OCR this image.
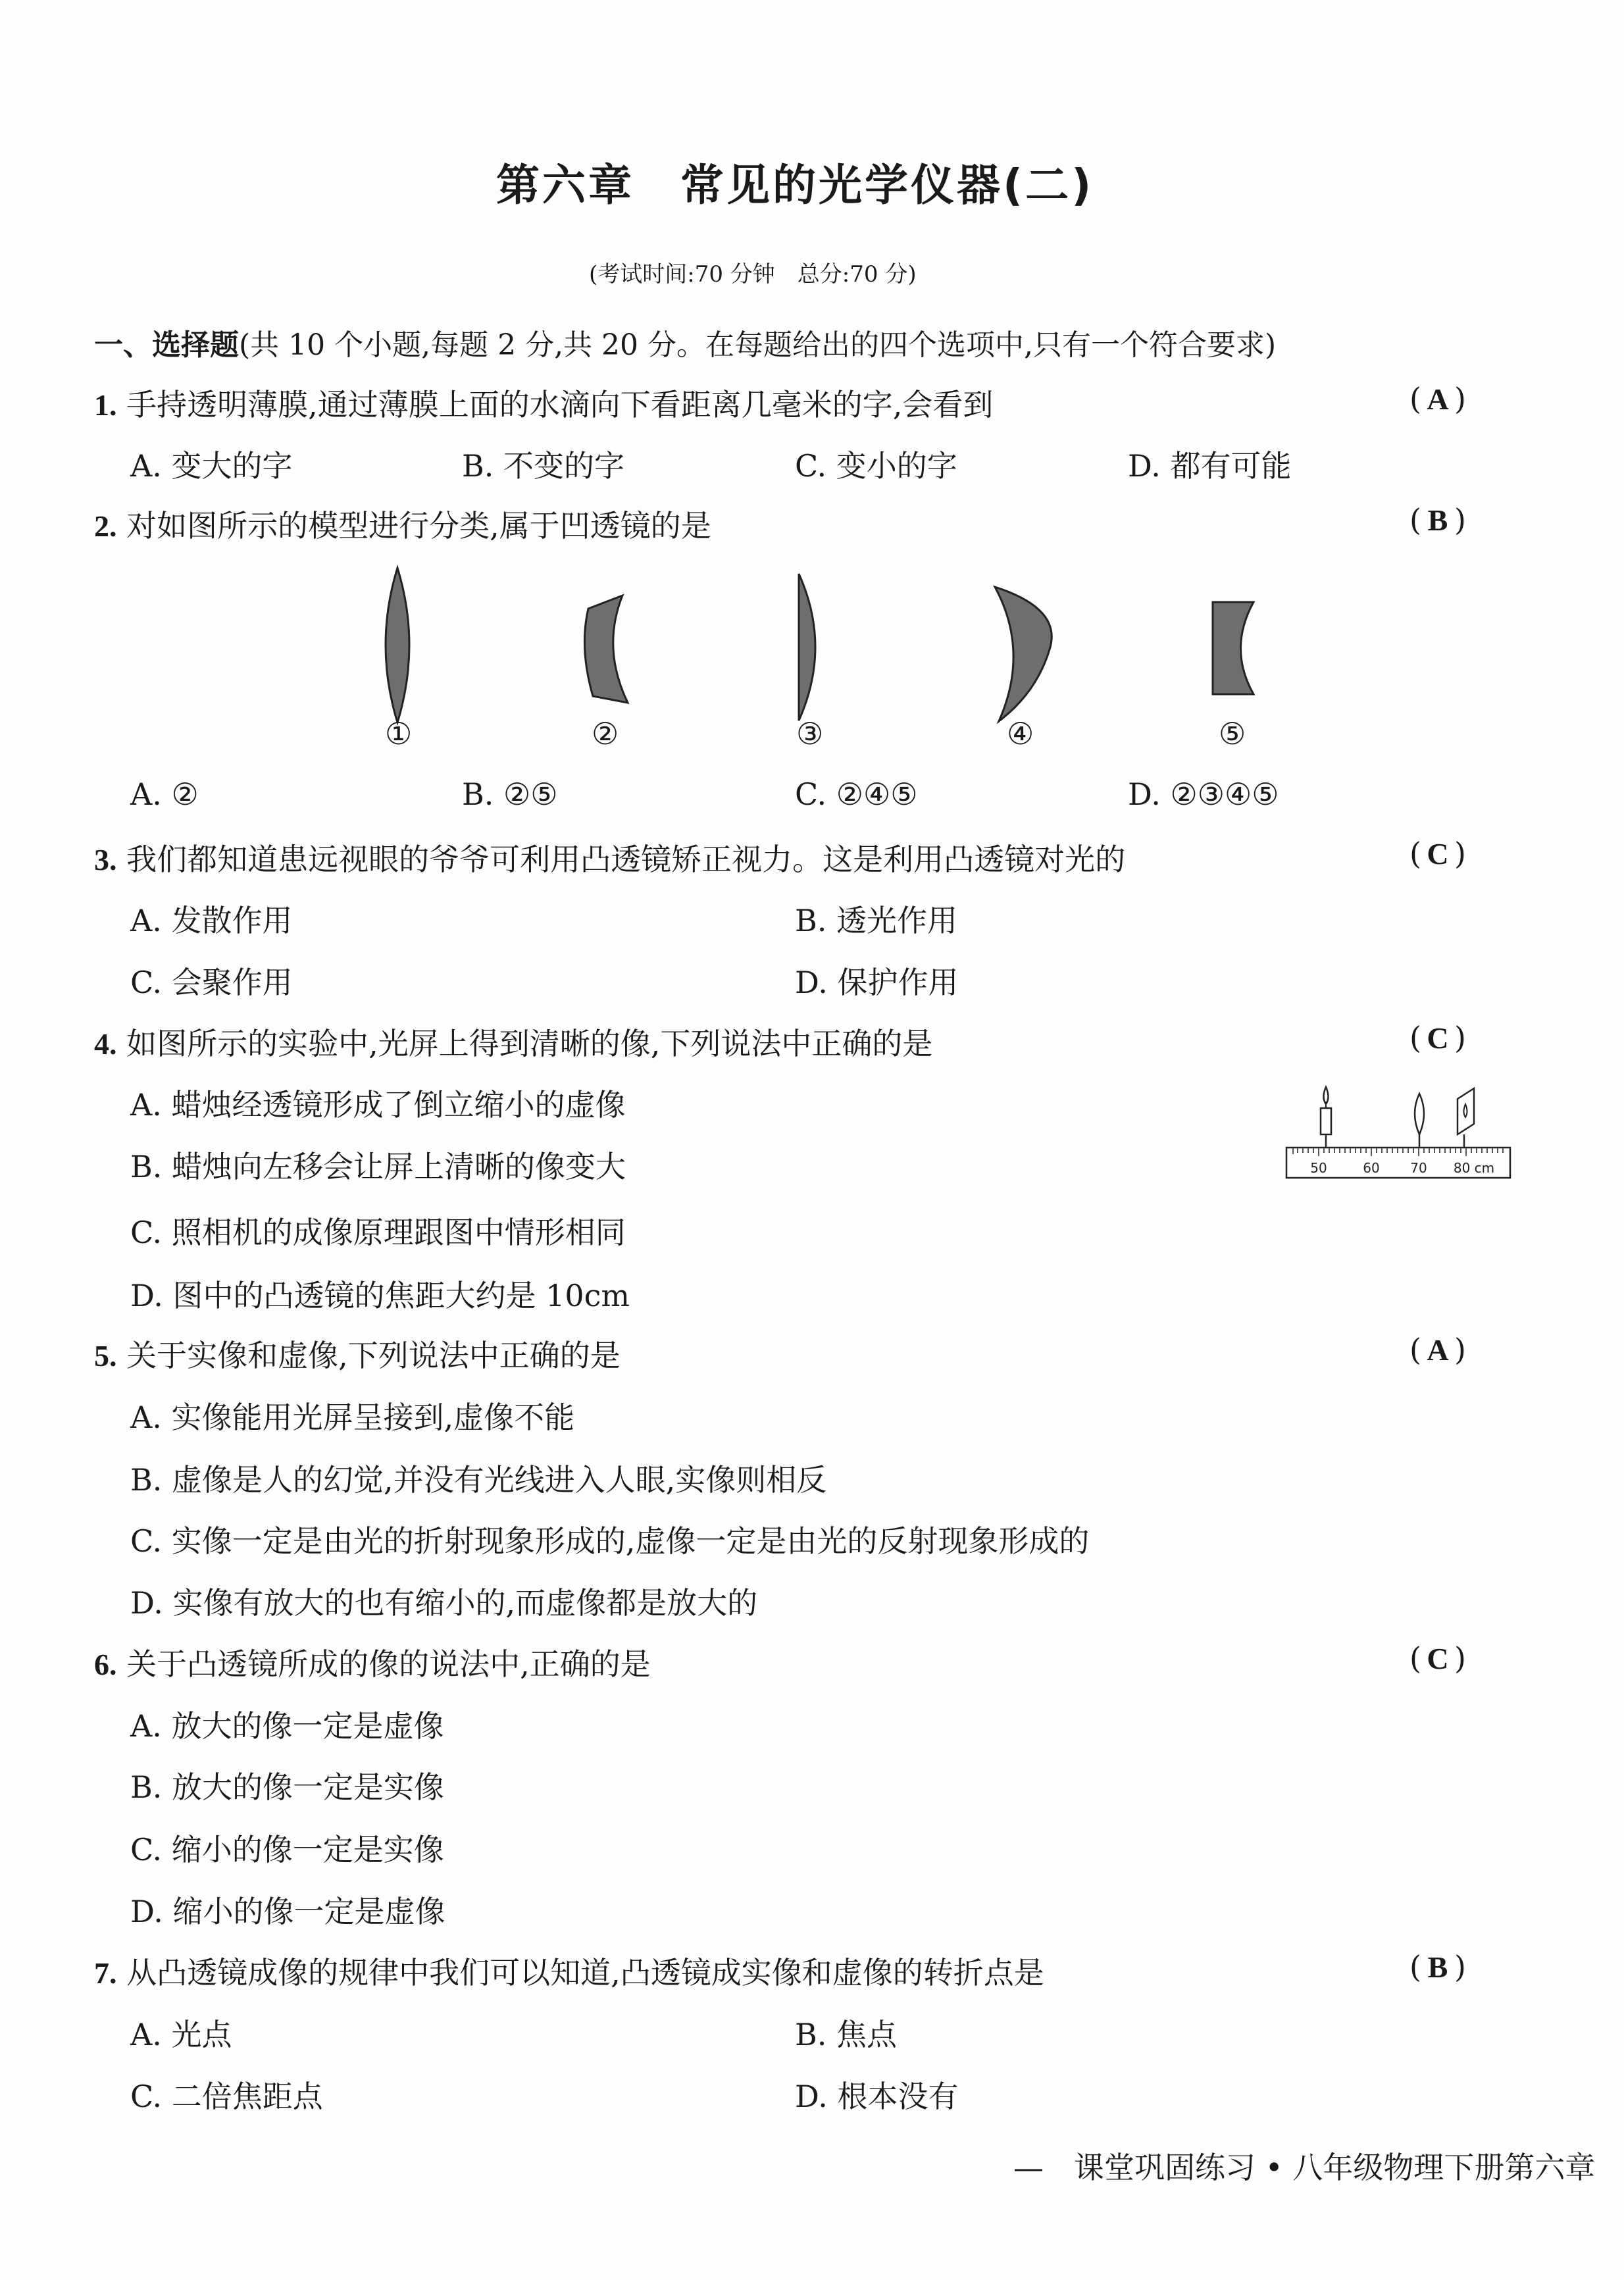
第六章　常见的光学仪器(二)
(考试时间:70 分钟　总分:70 分)
一、选择题(共 10 个小题,每题 2 分,共 20 分。在每题给出的四个选项中,只有一个符合要求)
1. 手持透明薄膜,通过薄膜上面的水滴向下看距离几毫米的字,会看到	( A )
A. 变大的字	B. 不变的字	C. 变小的字	D. 都有可能
2. 对如图所示的模型进行分类,属于凹透镜的是	( B )
①	②	③	④	⑤
A. ②	B. ②⑤	C. ②④⑤	D. ②③④⑤
3. 我们都知道患远视眼的爷爷可利用凸透镜矫正视力。这是利用凸透镜对光的	( C )
A. 发散作用	B. 透光作用
C. 会聚作用	D. 保护作用
4. 如图所示的实验中,光屏上得到清晰的像,下列说法中正确的是	( C )
A. 蜡烛经透镜形成了倒立缩小的虚像
B. 蜡烛向左移会让屏上清晰的像变大
C. 照相机的成像原理跟图中情形相同
D. 图中的凸透镜的焦距大约是 10cm
50	60 70 80 cm
5. 关于实像和虚像,下列说法中正确的是	( A )
A. 实像能用光屏呈接到,虚像不能
B. 虚像是人的幻觉,并没有光线进入人眼,实像则相反
C. 实像一定是由光的折射现象形成的,虚像一定是由光的反射现象形成的
D. 实像有放大的也有缩小的,而虚像都是放大的
6. 关于凸透镜所成的像的说法中,正确的是	( C )
A. 放大的像一定是虚像
B. 放大的像一定是实像
C. 缩小的像一定是实像
D. 缩小的像一定是虚像
7. 从凸透镜成像的规律中我们可以知道,凸透镜成实像和虚像的转折点是	( B )
A. 光点	B. 焦点
C. 二倍焦距点	D. 根本没有
—　课堂巩固练习 • 八年级物理下册第六章
